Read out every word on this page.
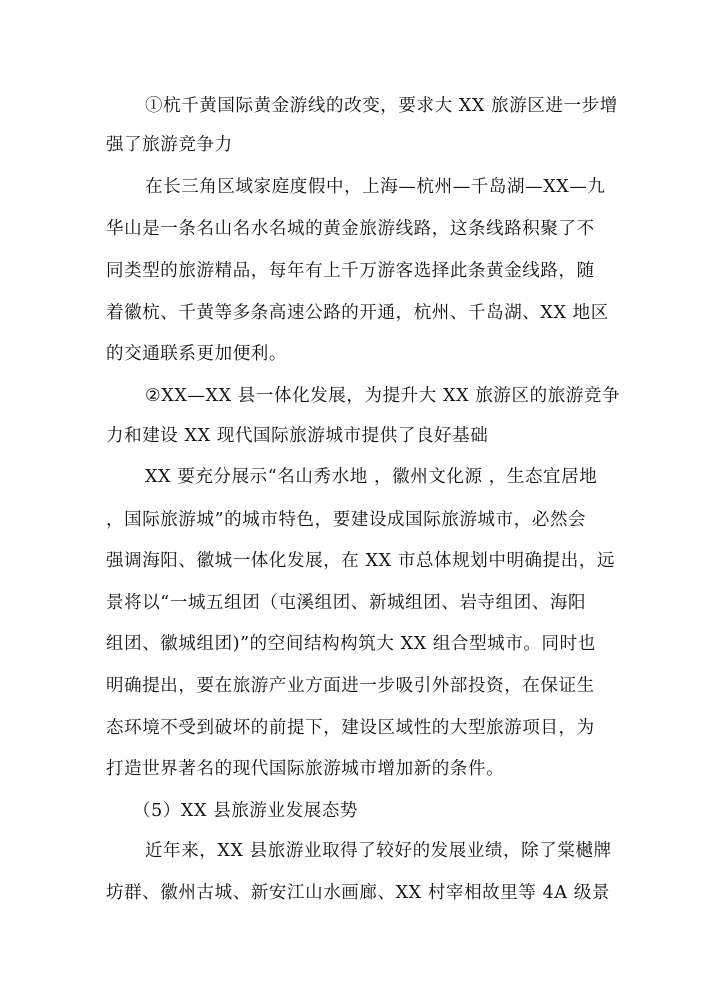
①杭千黄国际黄金游线的改变，要求大 XX 旅游区进一步增
强了旅游竞争力
在长三角区域家庭度假中，上海—杭州—千岛湖—XX—九
华山是一条名山名水名城的黄金旅游线路，这条线路积聚了不
同类型的旅游精品，每年有上千万游客选择此条黄金线路，随
着徽杭、千黄等多条高速公路的开通，杭州、千岛湖、XX 地区
的交通联系更加便利。
②XX—XX 县一体化发展，为提升大 XX 旅游区的旅游竞争
力和建设 XX 现代国际旅游城市提供了良好基础
XX 要充分展示“名山秀水地 ，徽州文化源 ，生态宜居地
，国际旅游城”的城市特色，要建设成国际旅游城市，必然会
强调海阳、徽城一体化发展，在 XX 市总体规划中明确提出，远
景将以“一城五组团（屯溪组团、新城组团、岩寺组团、海阳
组团、徽城组团)”的空间结构构筑大 XX 组合型城市。同时也
明确提出，要在旅游产业方面进一步吸引外部投资，在保证生
态环境不受到破坏的前提下，建设区域性的大型旅游项目，为
打造世界著名的现代国际旅游城市增加新的条件。
（5）XX 县旅游业发展态势
近年来，XX 县旅游业取得了较好的发展业绩，除了棠樾牌
坊群、徽州古城、新安江山水画廊、XX 村宰相故里等 4A 级景
